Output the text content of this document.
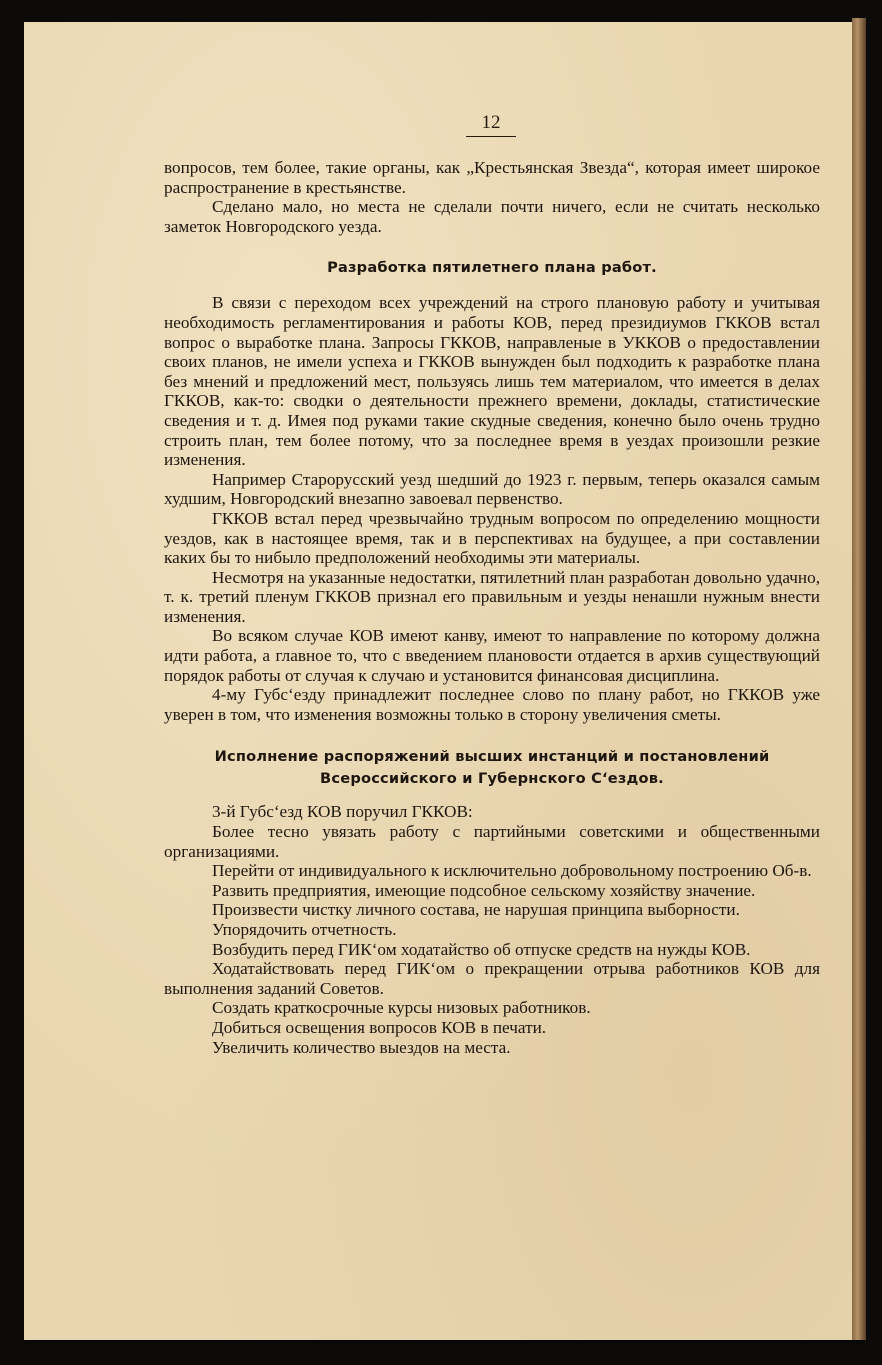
12

вопросов, тем более, такие органы, как „Крестьянская Звезда“, которая имеет широкое распространение в крестьянстве.

Сделано мало, но места не сделали почти ничего, если не считать несколько заметок Новгородского уезда.

Разработка пятилетнего плана работ.

В связи с переходом всех учреждений на строго плановую работу и учитывая необходимость регламентирования и работы КОВ, перед президиумов ГККОВ встал вопрос о выработке плана. Запросы ГККОВ, направленые в УККОВ о предоставлении своих планов, не имели успеха и ГККОВ вынужден был подходить к разработке плана без мнений и предложений мест, пользуясь лишь тем материалом, что имеется в делах ГККОВ, как-то: сводки о деятельности прежнего времени, доклады, статистические сведения и т. д. Имея под руками такие скудные сведения, конечно было очень трудно строить план, тем более потому, что за последнее время в уездах произошли резкие изменения.

Например Старорусский уезд шедший до 1923 г. первым, теперь оказался самым худшим, Новгородский внезапно завоевал первенство.

ГККОВ встал перед чрезвычайно трудным вопросом по определению мощности уездов, как в настоящее время, так и в перспективах на будущее, а при составлении каких бы то нибыло предположений необходимы эти материалы.

Несмотря на указанные недостатки, пятилетний план разработан довольно удачно, т. к. третий пленум ГККОВ признал его правильным и уезды ненашли нужным внести изменения.

Во всяком случае КОВ имеют канву, имеют то направление по которому должна идти работа, а главное то, что с введением плановости отдается в архив существующий порядок работы от случая к случаю и установится финансовая дисциплина.

4-му Губс‘езду принадлежит последнее слово по плану работ, но ГККОВ уже уверен в том, что изменения возможны только в сторону увеличения сметы.

Исполнение распоряжений высших инстанций и постановлений Всероссийского и Губернского С‘ездов.

3-й Губс‘езд КОВ поручил ГККОВ:

Более тесно увязать работу с партийными советскими и общественными организациями.

Перейти от индивидуального к исключительно добровольному построению Об-в.

Развить предприятия, имеющие подсобное сельскому хозяйству значение.

Произвести чистку личного состава, не нарушая принципа выборности.

Упорядочить отчетность.

Возбудить перед ГИК‘ом ходатайство об отпуске средств на нужды КОВ.

Ходатайствовать перед ГИК‘ом о прекращении отрыва работников КОВ для выполнения заданий Советов.

Создать краткосрочные курсы низовых работников.

Добиться освещения вопросов КОВ в печати.

Увеличить количество выездов на места.
